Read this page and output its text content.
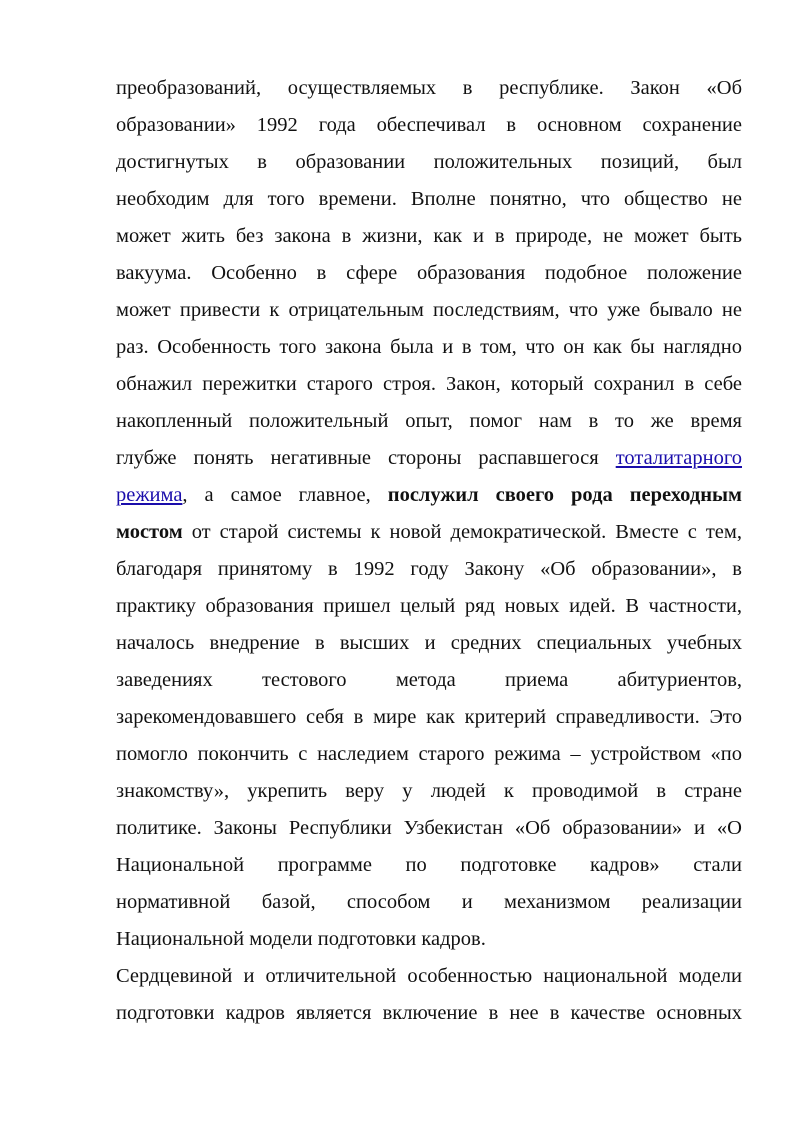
преобразований, осуществляемых в республике. Закон «Об
образовании» 1992 года обеспечивал в основном сохранение
достигнутых в образовании положительных позиций, был
необходим для того времени. Вполне понятно, что общество не
может жить без закона в жизни, как и в природе, не может быть
вакуума. Особенно в сфере образования подобное положение
может привести к отрицательным последствиям, что уже бывало не
раз. Особенность того закона была и в том, что он как бы наглядно
обнажил пережитки старого строя. Закон, который сохранил в себе
накопленный положительный опыт, помог нам в то же время
глубже понять негативные стороны распавшегося тоталитарного
режима, а самое главное, послужил своего рода переходным
мостом от старой системы к новой демократической. Вместе с тем,
благодаря принятому в 1992 году Закону «Об образовании», в
практику образования пришел целый ряд новых идей. В частности,
началось внедрение в высших и средних специальных учебных
заведениях тестового метода приема абитуриентов,
зарекомендовавшего себя в мире как критерий справедливости. Это
помогло покончить с наследием старого режима – устройством «по
знакомству», укрепить веру у людей к проводимой в стране
политике. Законы Республики Узбекистан «Об образовании» и «О
Национальной программе по подготовке кадров» стали
нормативной базой, способом и механизмом реализации
Национальной модели подготовки кадров.
Сердцевиной и отличительной особенностью национальной модели
подготовки кадров является включение в нее в качестве основных
